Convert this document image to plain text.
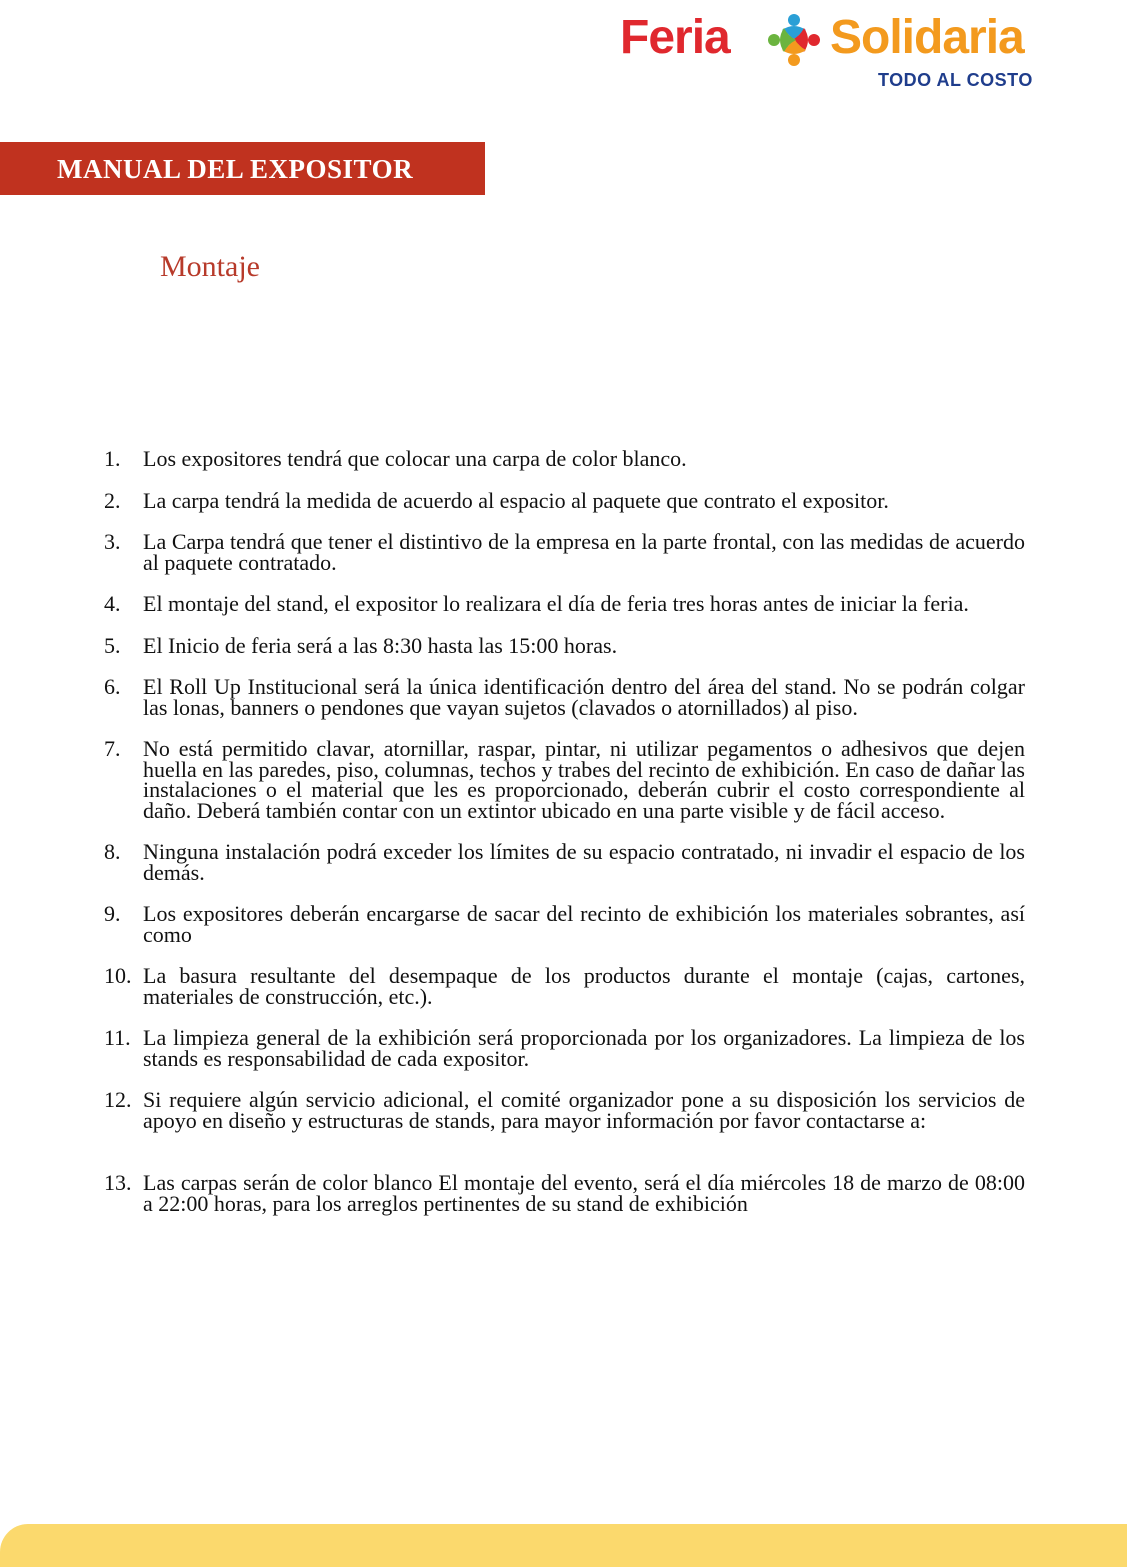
Feria Solidaria
TODO AL COSTO
MANUAL DEL EXPOSITOR
Montaje
1. Los expositores tendrá que colocar una carpa de color blanco.
2. La carpa tendrá la medida de acuerdo al espacio al paquete que contrato el expositor.
3. La Carpa tendrá que tener el distintivo de la empresa en la parte frontal, con las medidas de acuerdo al paquete contratado.
4. El montaje del stand, el expositor lo realizara el día de feria tres horas antes de iniciar la feria.
5. El Inicio de feria será a las 8:30 hasta las 15:00 horas.
6. El Roll Up Institucional será la única identificación dentro del área del stand. No se podrán colgar las lonas, banners o pendones que vayan sujetos (clavados o atornillados) al piso.
7. No está permitido clavar, atornillar, raspar, pintar, ni utilizar pegamentos o adhesivos que dejen huella en las paredes, piso, columnas, techos y trabes del recinto de exhibición. En caso de dañar las instalaciones o el material que les es proporcionado, deberán cubrir el costo correspondiente al daño. Deberá también contar con un extintor ubicado en una parte visible y de fácil acceso.
8. Ninguna instalación podrá exceder los límites de su espacio contratado, ni invadir el espacio de los demás.
9. Los expositores deberán encargarse de sacar del recinto de exhibición los materiales sobrantes, así como
10. La basura resultante del desempaque de los productos durante el montaje (cajas, cartones, materiales de construcción, etc.).
11. La limpieza general de la exhibición será proporcionada por los organizadores. La limpieza de los stands es responsabilidad de cada expositor.
12. Si requiere algún servicio adicional, el comité organizador pone a su disposición los servicios de apoyo en diseño y estructuras de stands, para mayor información por favor contactarse a:
13. Las carpas serán de color blanco El montaje del evento, será el día miércoles 18 de marzo de 08:00 a 22:00 horas, para los arreglos pertinentes de su stand de exhibición
